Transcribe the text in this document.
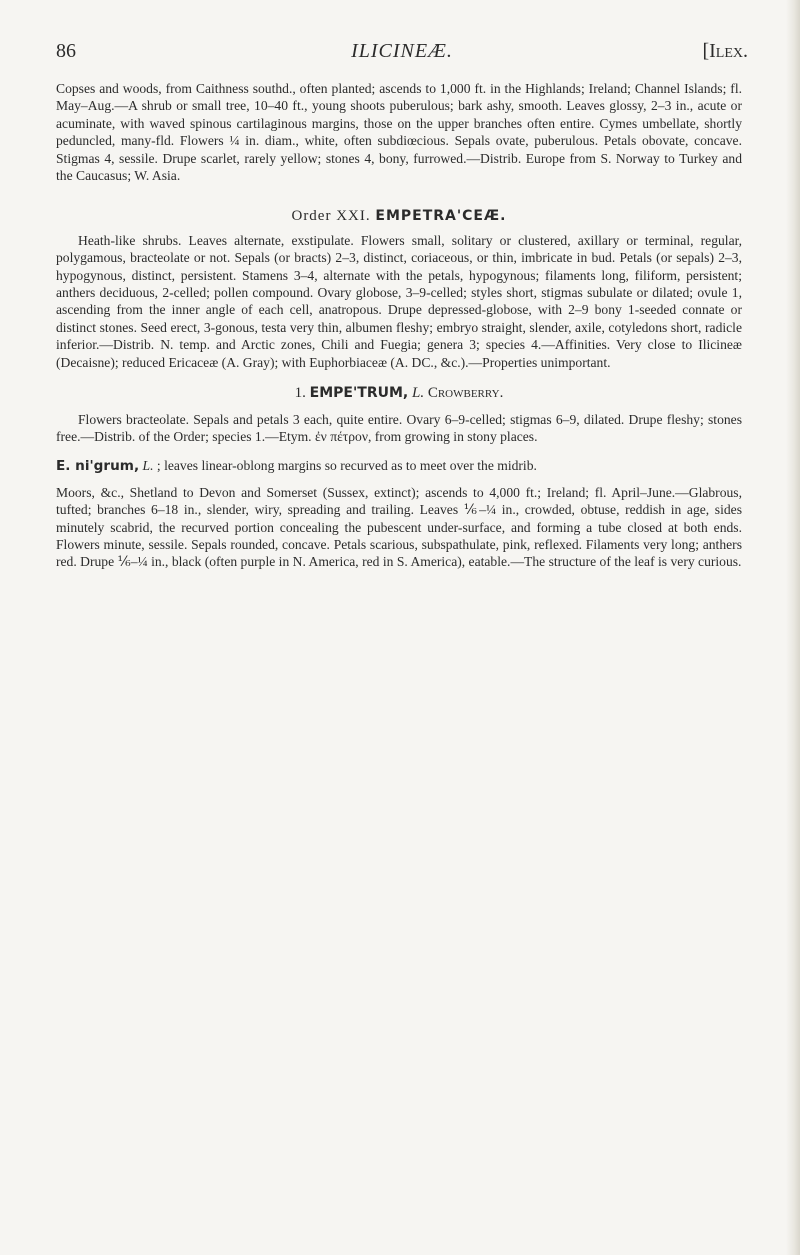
86	ILICINEÆ.	[Ilex.

Copses and woods, from Caithness southd., often planted; ascends to 1,000 ft. in the Highlands; Ireland; Channel Islands; fl. May–Aug.—A shrub or small tree, 10–40 ft., young shoots puberulous; bark ashy, smooth. Leaves glossy, 2–3 in., acute or acuminate, with waved spinous cartilaginous margins, those on the upper branches often entire. Cymes umbellate, shortly peduncled, many-fld. Flowers ¼ in. diam., white, often subdiœcious. Sepals ovate, puberulous. Petals obovate, concave. Stigmas 4, sessile. Drupe scarlet, rarely yellow; stones 4, bony, furrowed.—Distrib. Europe from S. Norway to Turkey and the Caucasus; W. Asia.

Order XXI. EMPETRA'CEÆ.

Heath-like shrubs. Leaves alternate, exstipulate. Flowers small, solitary or clustered, axillary or terminal, regular, polygamous, bracteolate or not. Sepals (or bracts) 2–3, distinct, coriaceous, or thin, imbricate in bud. Petals (or sepals) 2–3, hypogynous, distinct, persistent. Stamens 3–4, alternate with the petals, hypogynous; filaments long, filiform, persistent; anthers deciduous, 2-celled; pollen compound. Ovary globose, 3–9-celled; styles short, stigmas subulate or dilated; ovule 1, ascending from the inner angle of each cell, anatropous. Drupe depressed-globose, with 2–9 bony 1-seeded connate or distinct stones. Seed erect, 3-gonous, testa very thin, albumen fleshy; embryo straight, slender, axile, cotyledons short, radicle inferior.—Distrib. N. temp. and Arctic zones, Chili and Fuegia; genera 3; species 4.—Affinities. Very close to Ilicineæ (Decaisne); reduced Ericaceæ (A. Gray); with Euphorbiaceæ (A. DC., &c.).—Properties unimportant.

1. EMPE'TRUM, L. Crowberry.

Flowers bracteolate. Sepals and petals 3 each, quite entire. Ovary 6–9-celled; stigmas 6–9, dilated. Drupe fleshy; stones free.—Distrib. of the Order; species 1.—Etym. ἐν πέτρον, from growing in stony places.

E. ni'grum, L. ; leaves linear-oblong margins so recurved as to meet over the midrib.

Moors, &c., Shetland to Devon and Somerset (Sussex, extinct); ascends to 4,000 ft.; Ireland; fl. April–June.—Glabrous, tufted; branches 6–18 in., slender, wiry, spreading and trailing. Leaves ⅙–¼ in., crowded, obtuse, reddish in age, sides minutely scabrid, the recurved portion concealing the pubescent under-surface, and forming a tube closed at both ends. Flowers minute, sessile. Sepals rounded, concave. Petals scarious, subspathulate, pink, reflexed. Filaments very long; anthers red. Drupe ⅙–¼ in., black (often purple in N. America, red in S. America), eatable.—The structure of the leaf is very curious.
